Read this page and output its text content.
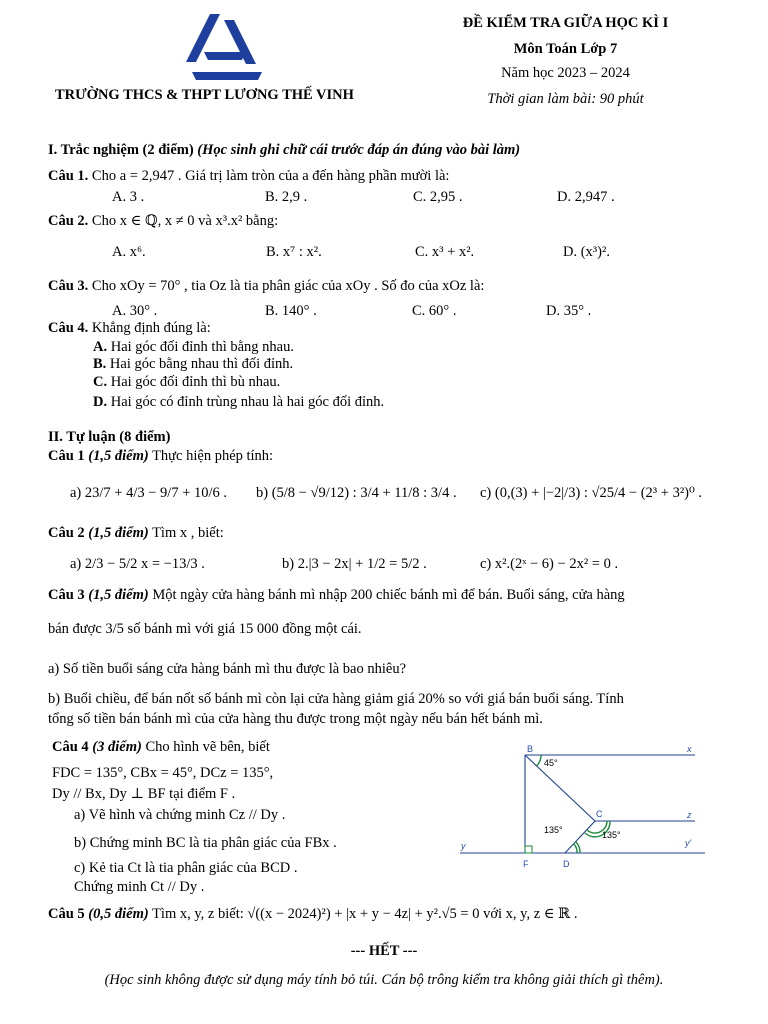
TRƯỜNG THCS & THPT LƯƠNG THẾ VINH
ĐỀ KIỂM TRA GIỮA HỌC KÌ I
Môn Toán Lớp 7
Năm học 2023 – 2024
Thời gian làm bài: 90 phút
I. Trắc nghiệm (2 điểm) (Học sinh ghi chữ cái trước đáp án đúng vào bài làm)
Câu 1. Cho a = 2,947 . Giá trị làm tròn của a đến hàng phần mười là:
A. 3 .	B. 2,9 .	C. 2,95 .	D. 2,947 .
Câu 2. Cho x ∈ ℚ, x ≠ 0 và x³.x² bằng:
A. x⁶.	B. x⁷ : x².	C. x³ + x².	D. (x³)².
Câu 3. Cho xOy = 70° , tia Oz là tia phân giác của xOy . Số đo của xOz là:
A. 30° .	B. 140° .	C. 60° .	D. 35° .
Câu 4. Khẳng định đúng là:
A. Hai góc đối đỉnh thì bằng nhau.
B. Hai góc bằng nhau thì đối đỉnh.
C. Hai góc đối đỉnh thì bù nhau.
D. Hai góc có đỉnh trùng nhau là hai góc đối đỉnh.
II. Tự luận (8 điểm)
Câu 1 (1,5 điểm) Thực hiện phép tính:
a) 23/7 + 4/3 − 9/7 + 10/6 . b) (5/8 − √9/12) : 3/4 + 11/8 : 3/4 . c) (0,(3) + |−2|/3) : √25/4 − (2³ + 3²)⁰ .
Câu 2 (1,5 điểm) Tìm x , biết:
a) 2/3 − 5/2 x = −13/3 .	b) 2.|3 − 2x| + 1/2 = 5/2 .	c) x².(2ˣ − 6) − 2x² = 0 .
Câu 3 (1,5 điểm) Một ngày cửa hàng bánh mì nhập 200 chiếc bánh mì để bán. Buổi sáng, cửa hàng
bán được 3/5 số bánh mì với giá 15 000 đồng một cái.
a) Số tiền buổi sáng cửa hàng bánh mì thu được là bao nhiêu?
b) Buổi chiều, để bán nốt số bánh mì còn lại cửa hàng giảm giá 20% so với giá bán buổi sáng. Tính
tổng số tiền bán bánh mì của cửa hàng thu được trong một ngày nếu bán hết bánh mì.
Câu 4 (3 điểm) Cho hình vẽ bên, biết
FDC = 135°, CBx = 45°, DCz = 135°,
Dy // Bx, Dy ⊥ BF tại điểm F .
a) Vẽ hình và chứng minh Cz // Dy .
b) Chứng minh BC là tia phân giác của FBx .
c) Kẻ tia Ct là tia phân giác của BCD .
Chứng minh Ct // Dy .
B	x
C	z
y	y'
F	D
45°
135°	135°
Câu 5 (0,5 điểm) Tìm x, y, z biết: √((x − 2024)²) + |x + y − 4z| + y².√5 = 0 với x, y, z ∈ ℝ .
--- HẾT ---
(Học sinh không được sử dụng máy tính bỏ túi. Cán bộ trông kiểm tra không giải thích gì thêm).
